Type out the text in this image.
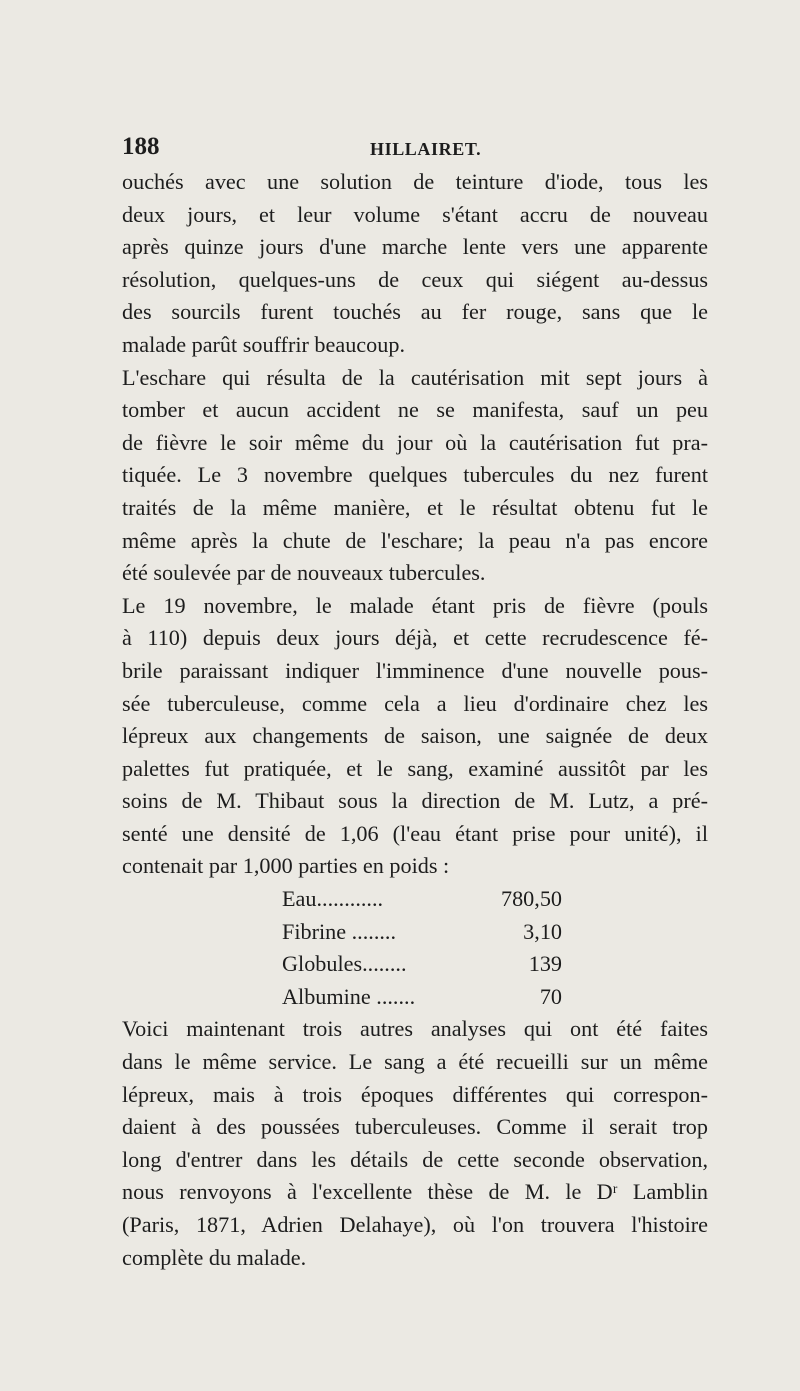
188	HILLAIRET.
ouchés avec une solution de teinture d'iode, tous les
deux jours, et leur volume s'étant accru de nouveau
après quinze jours d'une marche lente vers une apparente
résolution, quelques-uns de ceux qui siégent au-dessus
des sourcils furent touchés au fer rouge, sans que le
malade parût souffrir beaucoup.
L'eschare qui résulta de la cautérisation mit sept jours à
tomber et aucun accident ne se manifesta, sauf un peu
de fièvre le soir même du jour où la cautérisation fut pra-
tiquée. Le 3 novembre quelques tubercules du nez furent
traités de la même manière, et le résultat obtenu fut le
même après la chute de l'eschare; la peau n'a pas encore
été soulevée par de nouveaux tubercules.
Le 19 novembre, le malade étant pris de fièvre (pouls
à 110) depuis deux jours déjà, et cette recrudescence fé-
brile paraissant indiquer l'imminence d'une nouvelle pous-
sée tuberculeuse, comme cela a lieu d'ordinaire chez les
lépreux aux changements de saison, une saignée de deux
palettes fut pratiquée, et le sang, examiné aussitôt par les
soins de M. Thibaut sous la direction de M. Lutz, a pré-
senté une densité de 1,06 (l'eau étant prise pour unité), il
contenait par 1,000 parties en poids :
Eau............	780,50
Fibrine ........	3,10
Globules........	139
Albumine .......	70
Voici maintenant trois autres analyses qui ont été faites
dans le même service. Le sang a été recueilli sur un même
lépreux, mais à trois époques différentes qui correspon-
daient à des poussées tuberculeuses. Comme il serait trop
long d'entrer dans les détails de cette seconde observation,
nous renvoyons à l'excellente thèse de M. le Dʳ Lamblin
(Paris, 1871, Adrien Delahaye), où l'on trouvera l'histoire
complète du malade.
